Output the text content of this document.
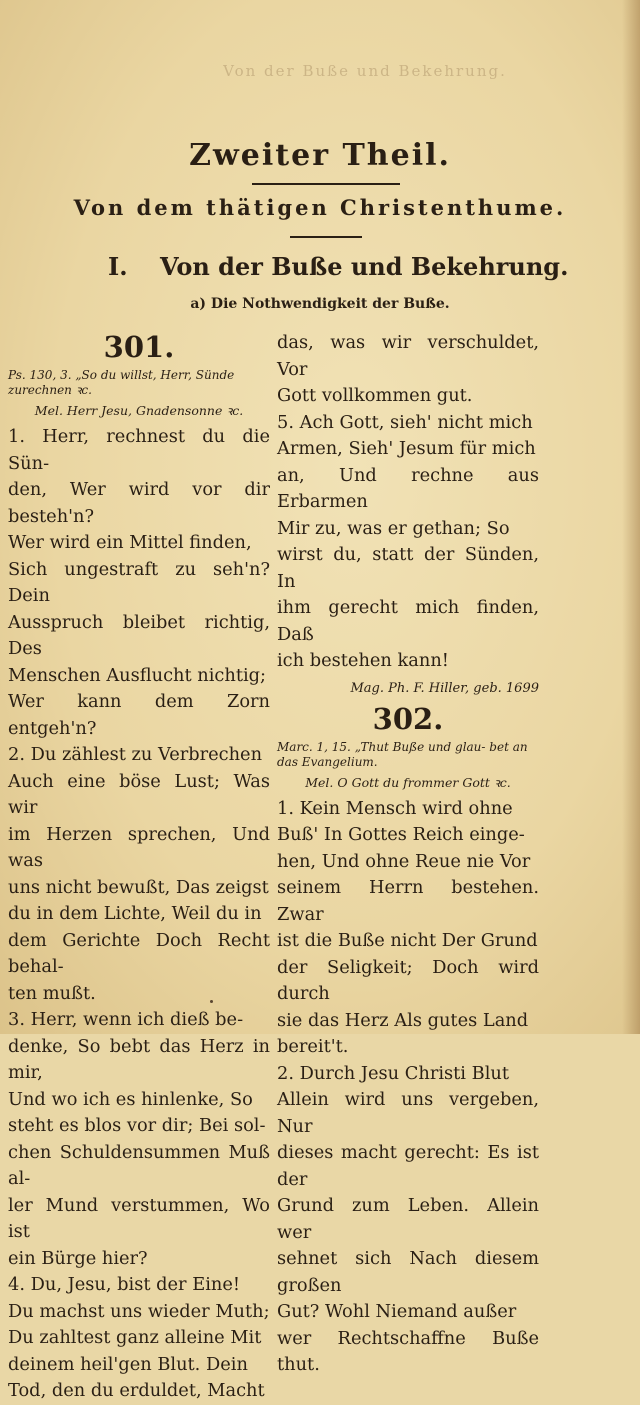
Von der Buße und Bekehrung.
Zweiter Theil.
Von dem thätigen Christenthume.
I. Von der Buße und Bekehrung.
a) Die Nothwendigkeit der Buße.
301.
Ps. 130, 3. „So du willst, Herr, Sünde zurechnen ꝛc.
Mel. Herr Jesu, Gnadensonne ꝛc.

1. Herr, rechnest du die Sün-

den, Wer wird vor dir besteh'n?

Wer wird ein Mittel finden,

Sich ungestraft zu seh'n? Dein

Ausspruch bleibet richtig, Des

Menschen Ausflucht nichtig;

Wer kann dem Zorn entgeh'n?

2. Du zählest zu Verbrechen

Auch eine böse Lust; Was wir

im Herzen sprechen, Und was

uns nicht bewußt, Das zeigst

du in dem Lichte, Weil du in

dem Gerichte Doch Recht behal-

ten mußt.

3. Herr, wenn ich dieß be-

denke, So bebt das Herz in mir,

Und wo ich es hinlenke, So

steht es blos vor dir; Bei sol-

chen Schuldensummen Muß al-

ler Mund verstummen, Wo ist

ein Bürge hier?

4. Du, Jesu, bist der Eine!

Du machst uns wieder Muth;

Du zahltest ganz alleine Mit

deinem heil'gen Blut. Dein

Tod, den du erduldet, Macht

das, was wir verschuldet, Vor

Gott vollkommen gut.

5. Ach Gott, sieh' nicht mich

Armen, Sieh' Jesum für mich

an, Und rechne aus Erbarmen

Mir zu, was er gethan; So

wirst du, statt der Sünden, In

ihm gerecht mich finden, Daß

ich bestehen kann!

Mag. Ph. F. Hiller, geb. 1699
302.
Marc. 1, 15. „Thut Buße und glau- bet an das Evangelium.
Mel. O Gott du frommer Gott ꝛc.

1. Kein Mensch wird ohne

Buß' In Gottes Reich einge-

hen, Und ohne Reue nie Vor

seinem Herrn bestehen. Zwar

ist die Buße nicht Der Grund

der Seligkeit; Doch wird durch

sie das Herz Als gutes Land

bereit't.

2. Durch Jesu Christi Blut

Allein wird uns vergeben, Nur

dieses macht gerecht: Es ist der

Grund zum Leben. Allein wer

sehnet sich Nach diesem großen

Gut? Wohl Niemand außer

wer Rechtschaffne Buße thut.
